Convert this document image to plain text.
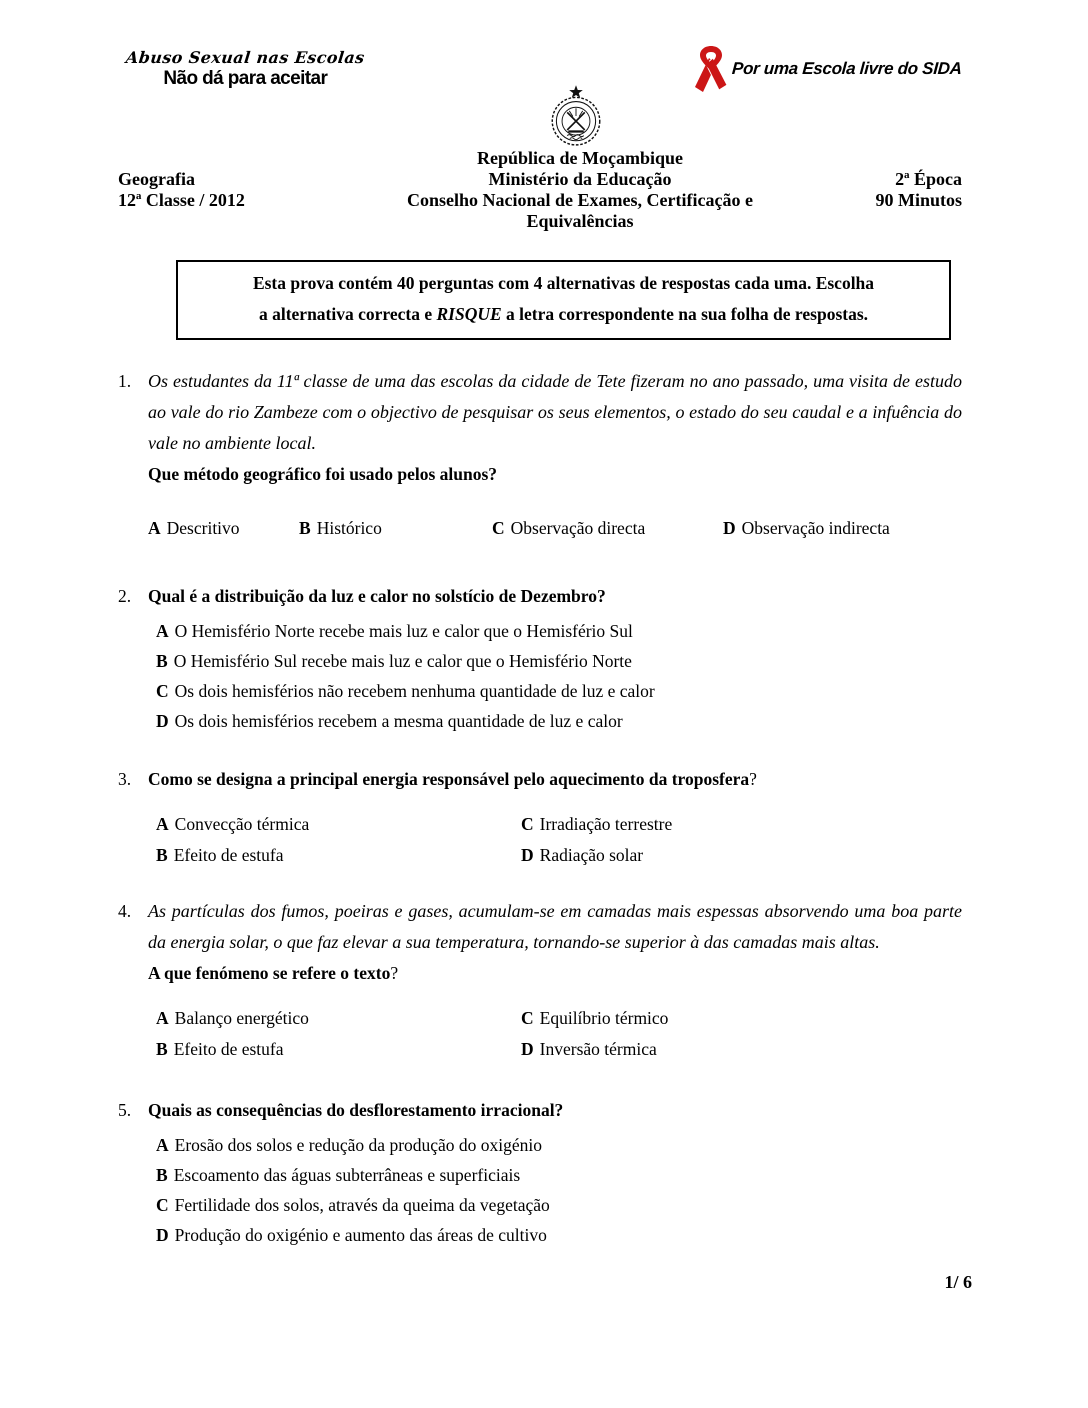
Abuso Sexual nas Escolas
Não dá para aceitar	Por uma Escola livre do SIDA
Geografia
12ª Classe / 2012
República de Moçambique
Ministério da Educação
Conselho Nacional de Exames, Certificação e Equivalências
2ª Época
90 Minutos
Esta prova contém 40 perguntas com 4 alternativas de respostas cada uma. Escolha
a alternativa correcta e RISQUE a letra correspondente na sua folha de respostas.
1. Os estudantes da 11ª classe de uma das escolas da cidade de Tete fizeram no ano passado, uma visita de estudo ao vale do rio Zambeze com o objectivo de pesquisar os seus elementos, o estado do seu caudal e a infuência do vale no ambiente local.
Que método geográfico foi usado pelos alunos?
A Descritivo	B Histórico	C Observação directa	D Observação indirecta
2. Qual é a distribuição da luz e calor no solstício de Dezembro?
A O Hemisfério Norte recebe mais luz e calor que o Hemisfério Sul
B O Hemisfério Sul recebe mais luz e calor que o Hemisfério Norte
C Os dois hemisférios não recebem nenhuma quantidade de luz e calor
D Os dois hemisférios recebem a mesma quantidade de luz e calor
3. Como se designa a principal energia responsável pelo aquecimento da troposfera?
A Convecção térmica	C Irradiação terrestre
B Efeito de estufa	D Radiação solar
4. As partículas dos fumos, poeiras e gases, acumulam-se em camadas mais espessas absorvendo uma boa parte da energia solar, o que faz elevar a sua temperatura, tornando-se superior à das camadas mais altas.
A que fenómeno se refere o texto?
A Balanço energético	C Equilíbrio térmico
B Efeito de estufa	D Inversão térmica
5. Quais as consequências do desflorestamento irracional?
A Erosão dos solos e redução da produção do oxigénio
B Escoamento das águas subterrâneas e superficiais
C Fertilidade dos solos, através da queima da vegetação
D Produção do oxigénio e aumento das áreas de cultivo
1/ 6
